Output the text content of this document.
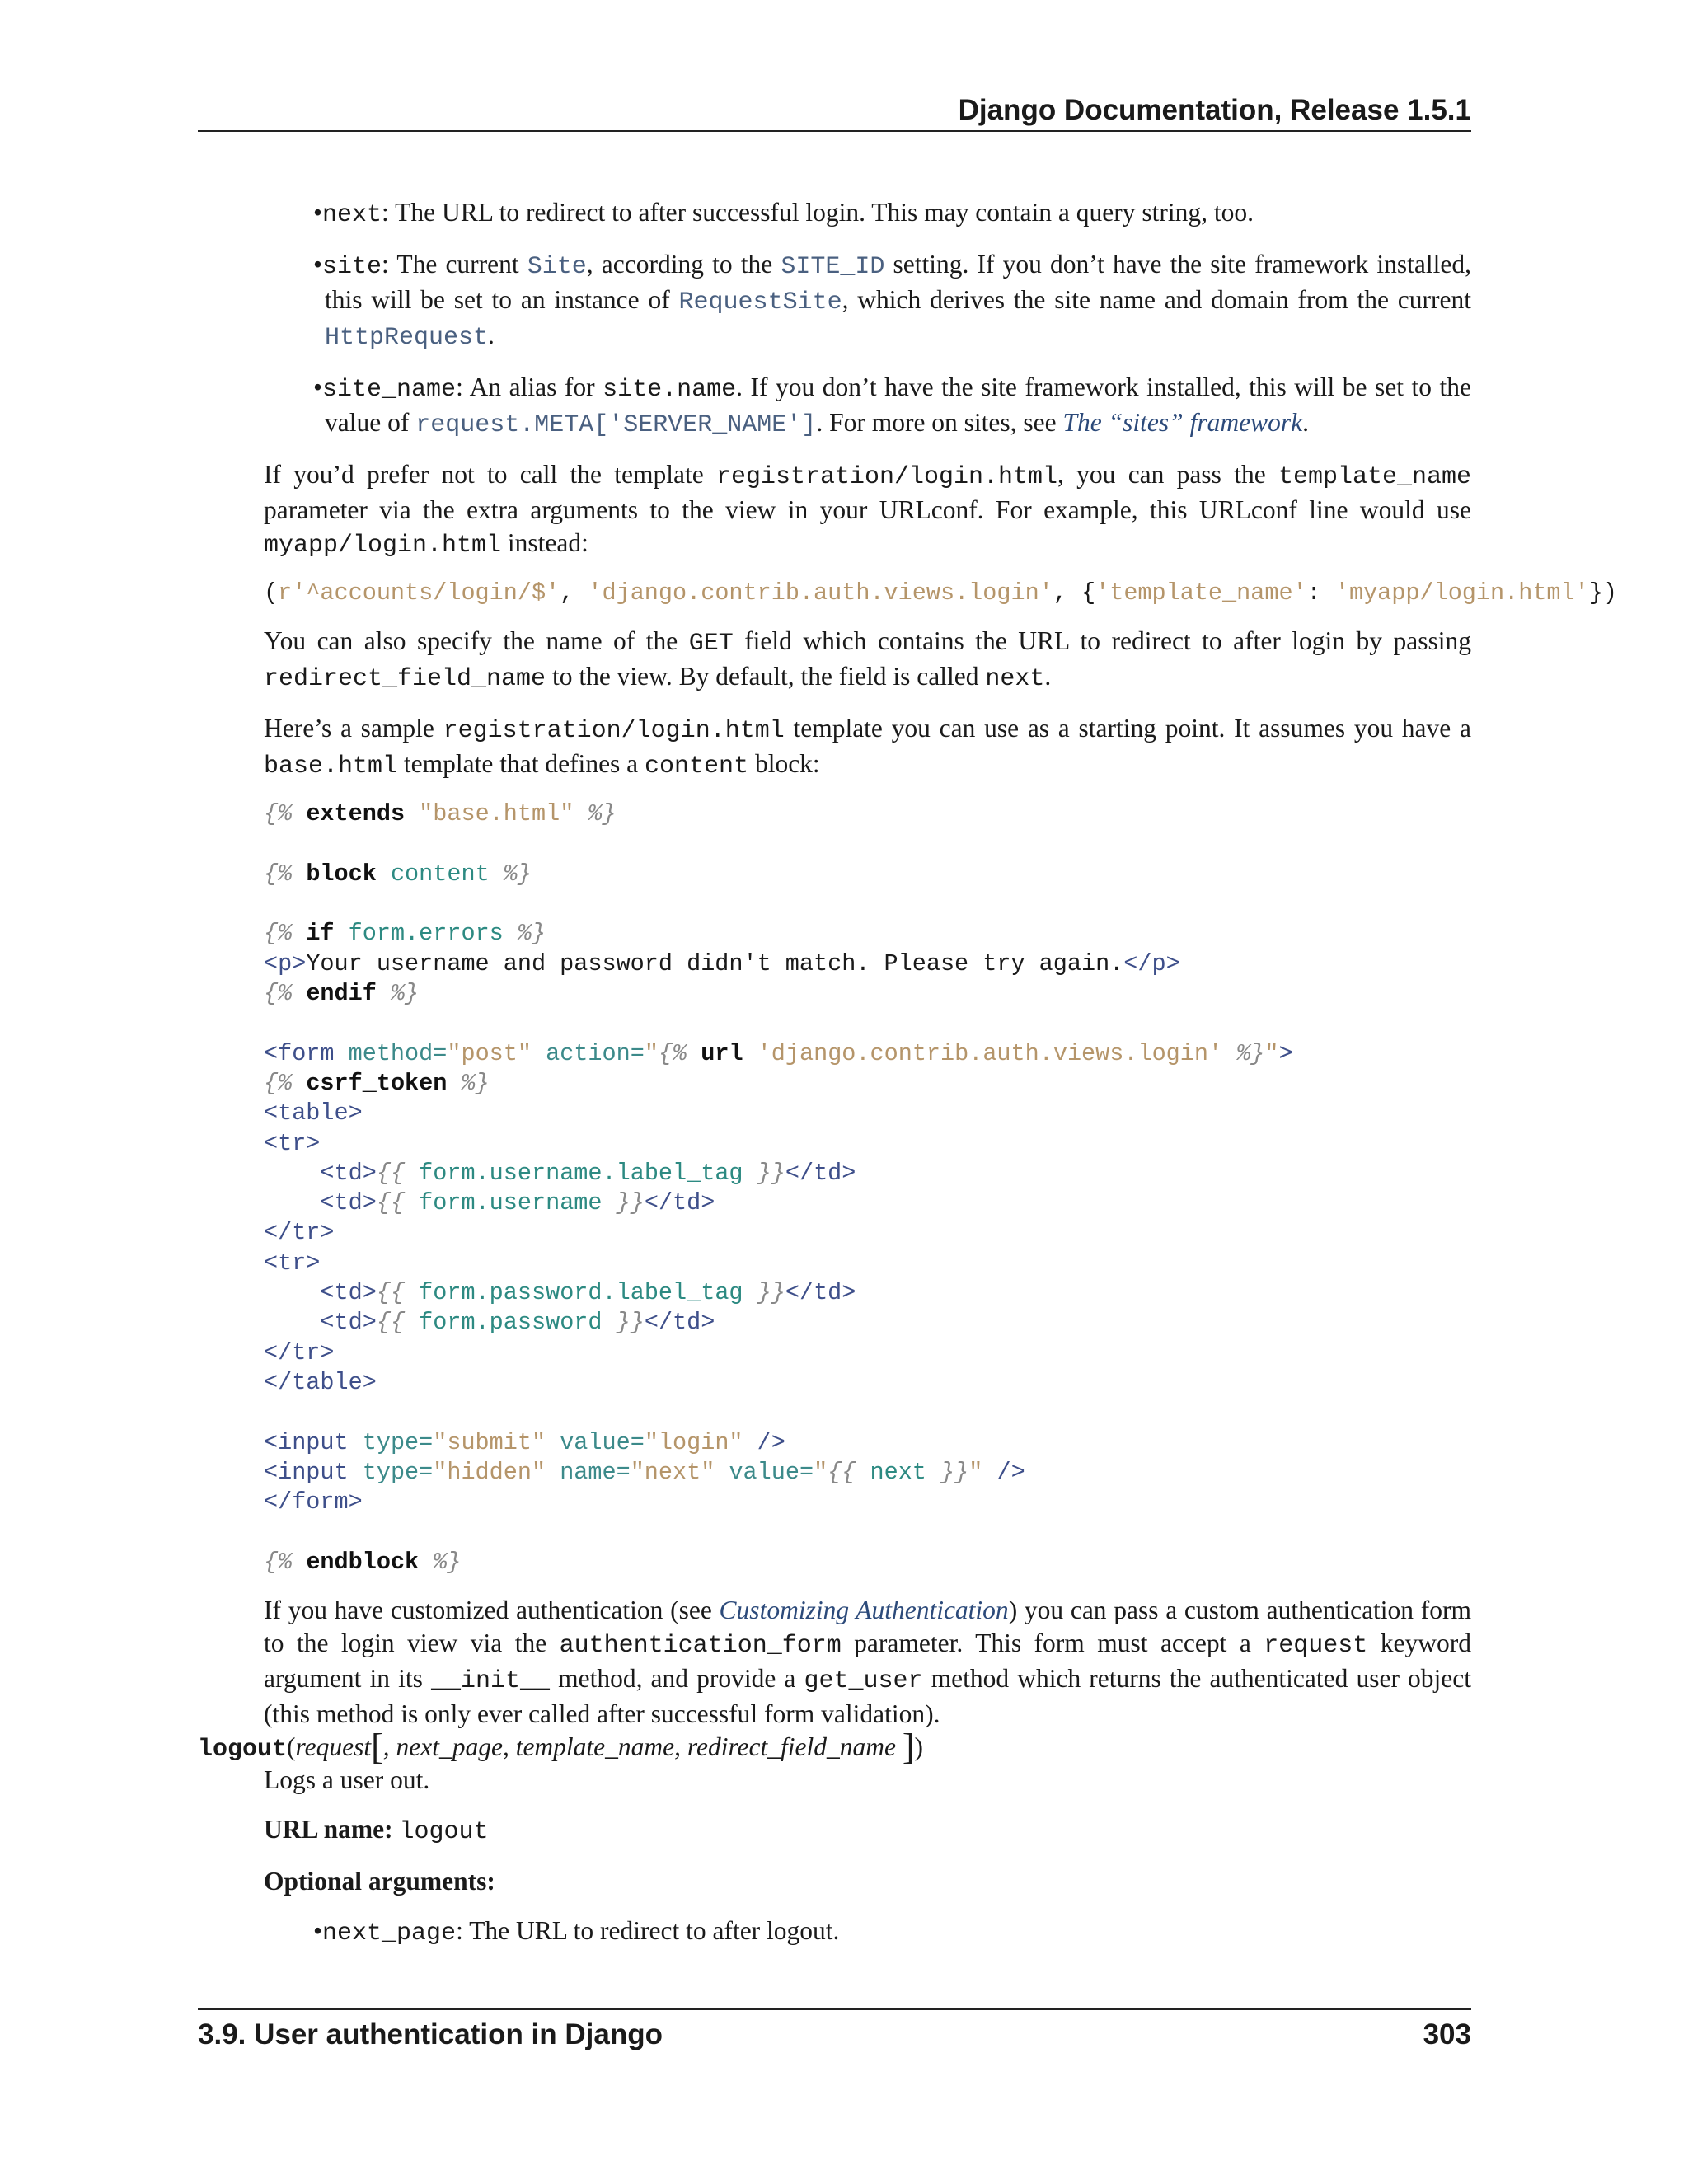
Django Documentation, Release 1.5.1
•next: The URL to redirect to after successful login. This may contain a query string, too.
•site: The current Site, according to the SITE_ID setting. If you don’t have the site framework installed, this will be set to an instance of RequestSite, which derives the site name and domain from the current HttpRequest.
•site_name: An alias for site.name. If you don’t have the site framework installed, this will be set to the value of request.META['SERVER_NAME']. For more on sites, see The “sites” framework.

If you’d prefer not to call the template registration/login.html, you can pass the template_name parameter via the extra arguments to the view in your URLconf. For example, this URLconf line would use myapp/login.html instead:

(r'^accounts/login/$', 'django.contrib.auth.views.login', {'template_name': 'myapp/login.html'})

You can also specify the name of the GET field which contains the URL to redirect to after login by passing redirect_field_name to the view. By default, the field is called next.

Here’s a sample registration/login.html template you can use as a starting point. It assumes you have a base.html template that defines a content block:

{% extends "base.html" %}

{% block content %}

{% if form.errors %}
<p>Your username and password didn't match. Please try again.</p>
{% endif %}

<form method="post" action="{% url 'django.contrib.auth.views.login' %}">
{% csrf_token %}
<table>
<tr>
<td>{{ form.username.label_tag }}</td>
<td>{{ form.username }}</td>
</tr>
<tr>
<td>{{ form.password.label_tag }}</td>
<td>{{ form.password }}</td>
</tr>
</table>

<input type="submit" value="login" />
<input type="hidden" name="next" value="{{ next }}" />
</form>

{% endblock %}

If you have customized authentication (see Customizing Authentication) you can pass a custom authentication form to the login view via the authentication_form parameter. This form must accept a request keyword argument in its __init__ method, and provide a get_user method which returns the authenticated user object (this method is only ever called after successful form validation).

logout(request[, next_page, template_name, redirect_field_name ])

Logs a user out.

URL name: logout

Optional arguments:

•next_page: The URL to redirect to after logout.
3.9. User authentication in Django	303
